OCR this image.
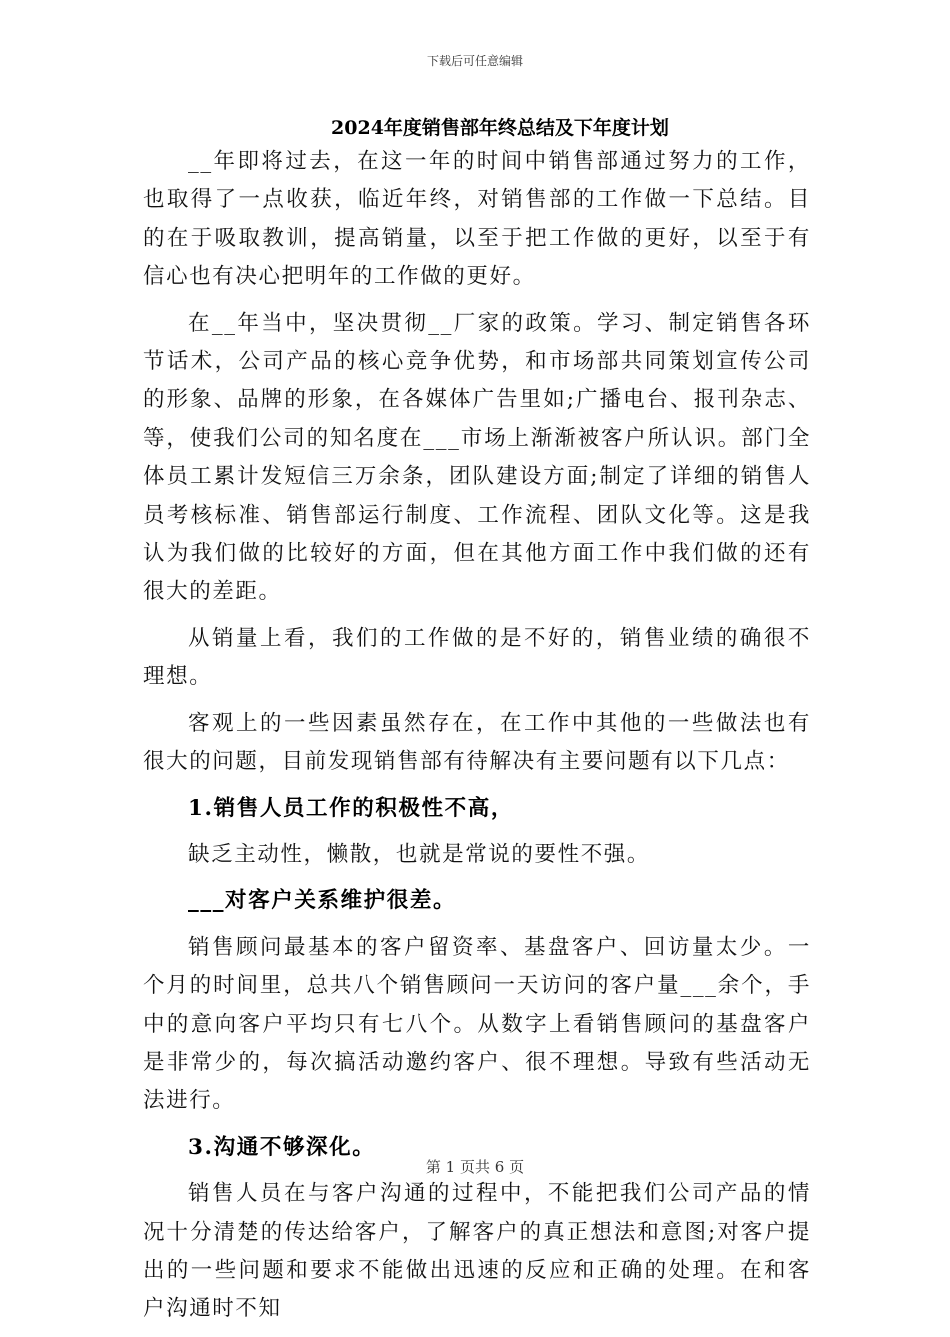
下载后可任意编辑
2024年度销售部年终总结及下年度计划

__年即将过去，在这一年的时间中销售部通过努力的工作，也取得了一点收获，临近年终，对销售部的工作做一下总结。目的在于吸取教训，提高销量，以至于把工作做的更好，以至于有信心也有决心把明年的工作做的更好。

在__年当中，坚决贯彻__厂家的政策。学习、制定销售各环节话术，公司产品的核心竞争优势，和市场部共同策划宣传公司的形象、品牌的形象，在各媒体广告里如;广播电台、报刊杂志、等，使我们公司的知名度在___市场上渐渐被客户所认识。部门全体员工累计发短信三万余条，团队建设方面;制定了详细的销售人员考核标准、销售部运行制度、工作流程、团队文化等。这是我认为我们做的比较好的方面，但在其他方面工作中我们做的还有很大的差距。

从销量上看，我们的工作做的是不好的，销售业绩的确很不理想。

客观上的一些因素虽然存在，在工作中其他的一些做法也有很大的问题，目前发现销售部有待解决有主要问题有以下几点：

1.销售人员工作的积极性不高，

缺乏主动性，懒散，也就是常说的要性不强。

___对客户关系维护很差。

销售顾问最基本的客户留资率、基盘客户、回访量太少。一个月的时间里，总共八个销售顾问一天访问的客户量___余个，手中的意向客户平均只有七八个。从数字上看销售顾问的基盘客户是非常少的，每次搞活动邀约客户、很不理想。导致有些活动无法进行。

3.沟通不够深化。

销售人员在与客户沟通的过程中，不能把我们公司产品的情况十分清楚的传达给客户，了解客户的真正想法和意图;对客户提出的一些问题和要求不能做出迅速的反应和正确的处理。在和客户沟通时不知

第 1 页共 6 页
